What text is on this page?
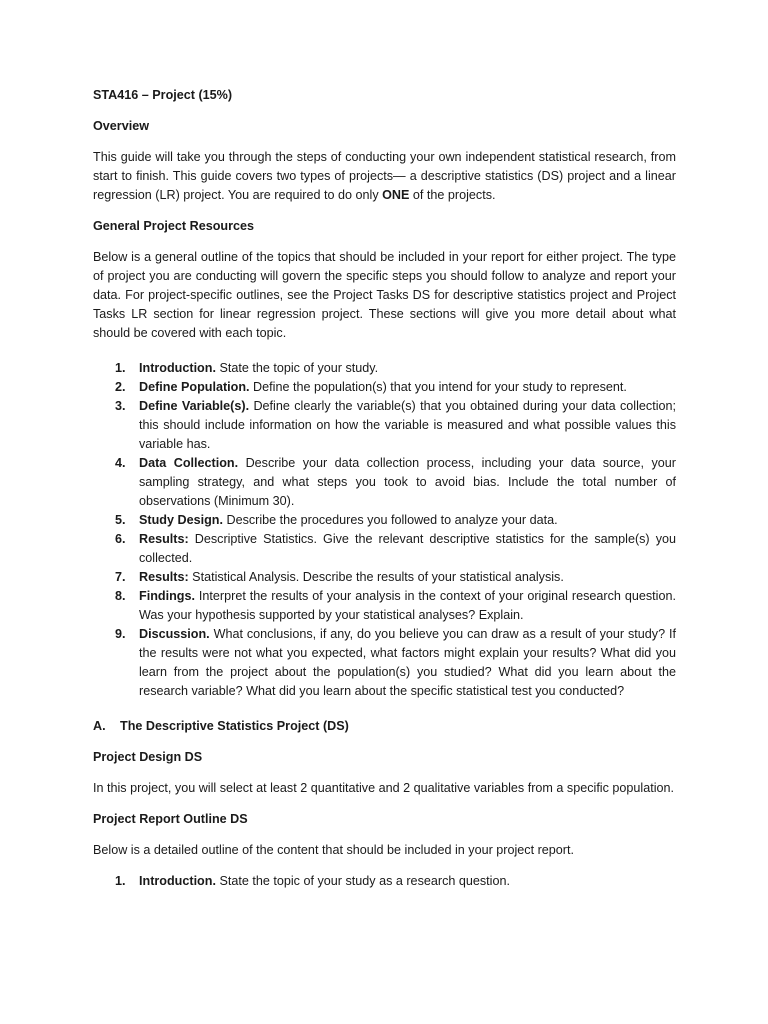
STA416 – Project (15%)

Overview

This guide will take you through the steps of conducting your own independent statistical research, from start to finish. This guide covers two types of projects— a descriptive statistics (DS) project and a linear regression (LR) project. You are required to do only ONE of the projects.

General Project Resources

Below is a general outline of the topics that should be included in your report for either project. The type of project you are conducting will govern the specific steps you should follow to analyze and report your data. For project-specific outlines, see the Project Tasks DS for descriptive statistics project and Project Tasks LR section for linear regression project. These sections will give you more detail about what should be covered with each topic.

1. Introduction. State the topic of your study.
2. Define Population. Define the population(s) that you intend for your study to represent.
3. Define Variable(s). Define clearly the variable(s) that you obtained during your data collection; this should include information on how the variable is measured and what possible values this variable has.
4. Data Collection. Describe your data collection process, including your data source, your sampling strategy, and what steps you took to avoid bias. Include the total number of observations (Minimum 30).
5. Study Design. Describe the procedures you followed to analyze your data.
6. Results: Descriptive Statistics. Give the relevant descriptive statistics for the sample(s) you collected.
7. Results: Statistical Analysis. Describe the results of your statistical analysis.
8. Findings. Interpret the results of your analysis in the context of your original research question. Was your hypothesis supported by your statistical analyses? Explain.
9. Discussion. What conclusions, if any, do you believe you can draw as a result of your study? If the results were not what you expected, what factors might explain your results? What did you learn from the project about the population(s) you studied? What did you learn about the research variable? What did you learn about the specific statistical test you conducted?

A. The Descriptive Statistics Project (DS)

Project Design DS

In this project, you will select at least 2 quantitative and 2 qualitative variables from a specific population.

Project Report Outline DS

Below is a detailed outline of the content that should be included in your project report.

1. Introduction. State the topic of your study as a research question.
